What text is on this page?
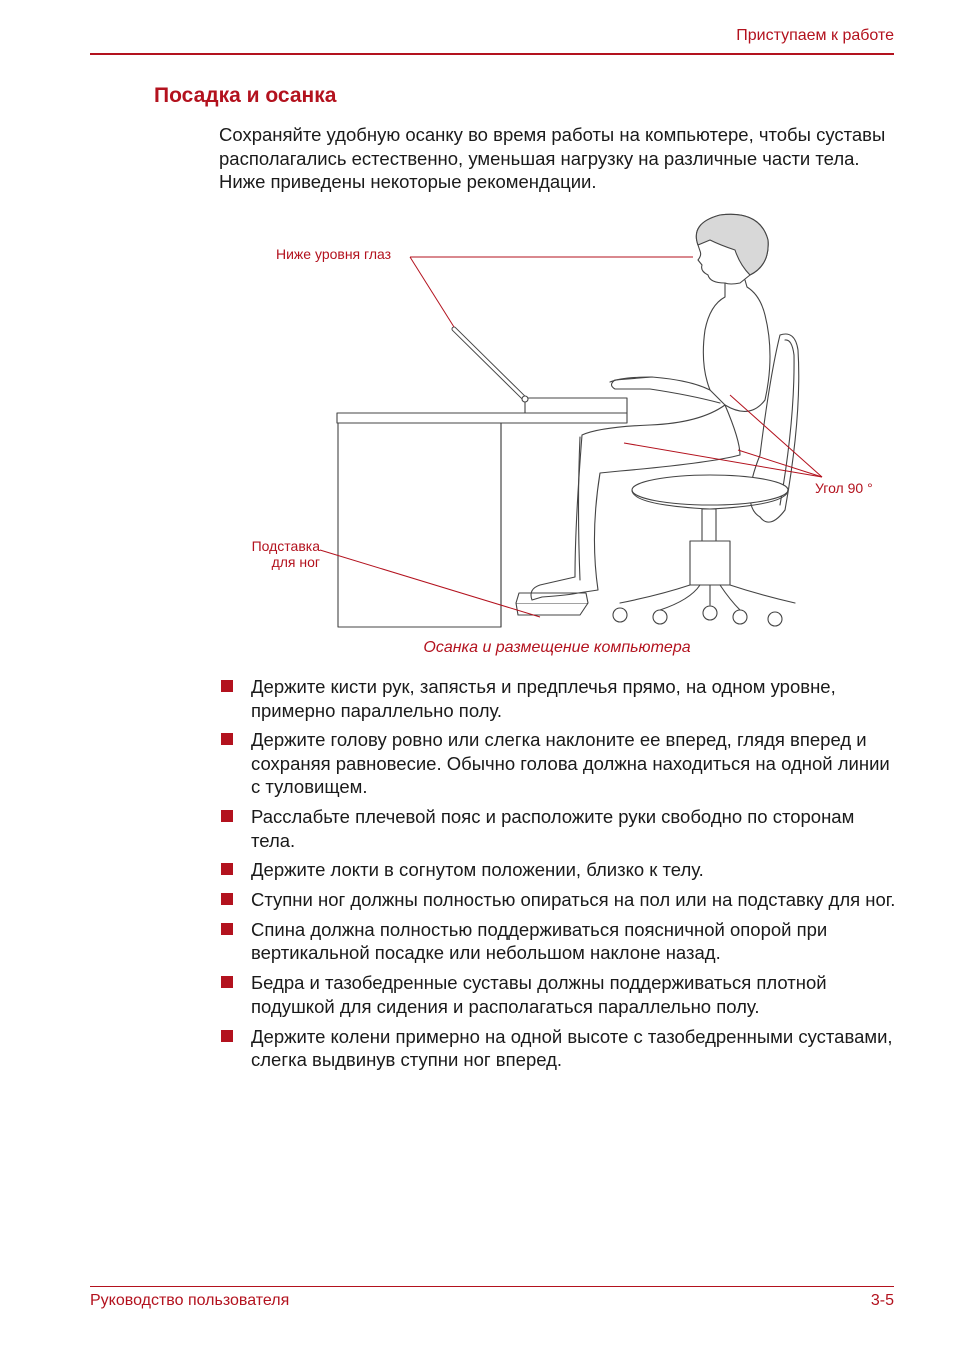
Приступаем к работе
Посадка и осанка
Сохраняйте удобную осанку во время работы на компьютере, чтобы суставы располагались естественно, уменьшая нагрузку на различные части тела. Ниже приведены некоторые рекомендации.
Ниже уровня глаз
Угол 90 °
Подставка
для ног
Осанка и размещение компьютера
Держите кисти рук, запястья и предплечья прямо, на одном уровне, примерно параллельно полу.
Держите голову ровно или слегка наклоните ее вперед, глядя вперед и сохраняя равновесие. Обычно голова должна находиться на одной линии с туловищем.
Расслабьте плечевой пояс и расположите руки свободно по сторонам тела.
Держите локти в согнутом положении, близко к телу.
Ступни ног должны полностью опираться на пол или на подставку для ног.
Спина должна полностью поддерживаться поясничной опорой при вертикальной посадке или небольшом наклоне назад.
Бедра и тазобедренные суставы должны поддерживаться плотной подушкой для сидения и располагаться параллельно полу.
Держите колени примерно на одной высоте с тазобедренными суставами, слегка выдвинув ступни ног вперед.
Руководство пользователя	3-5
